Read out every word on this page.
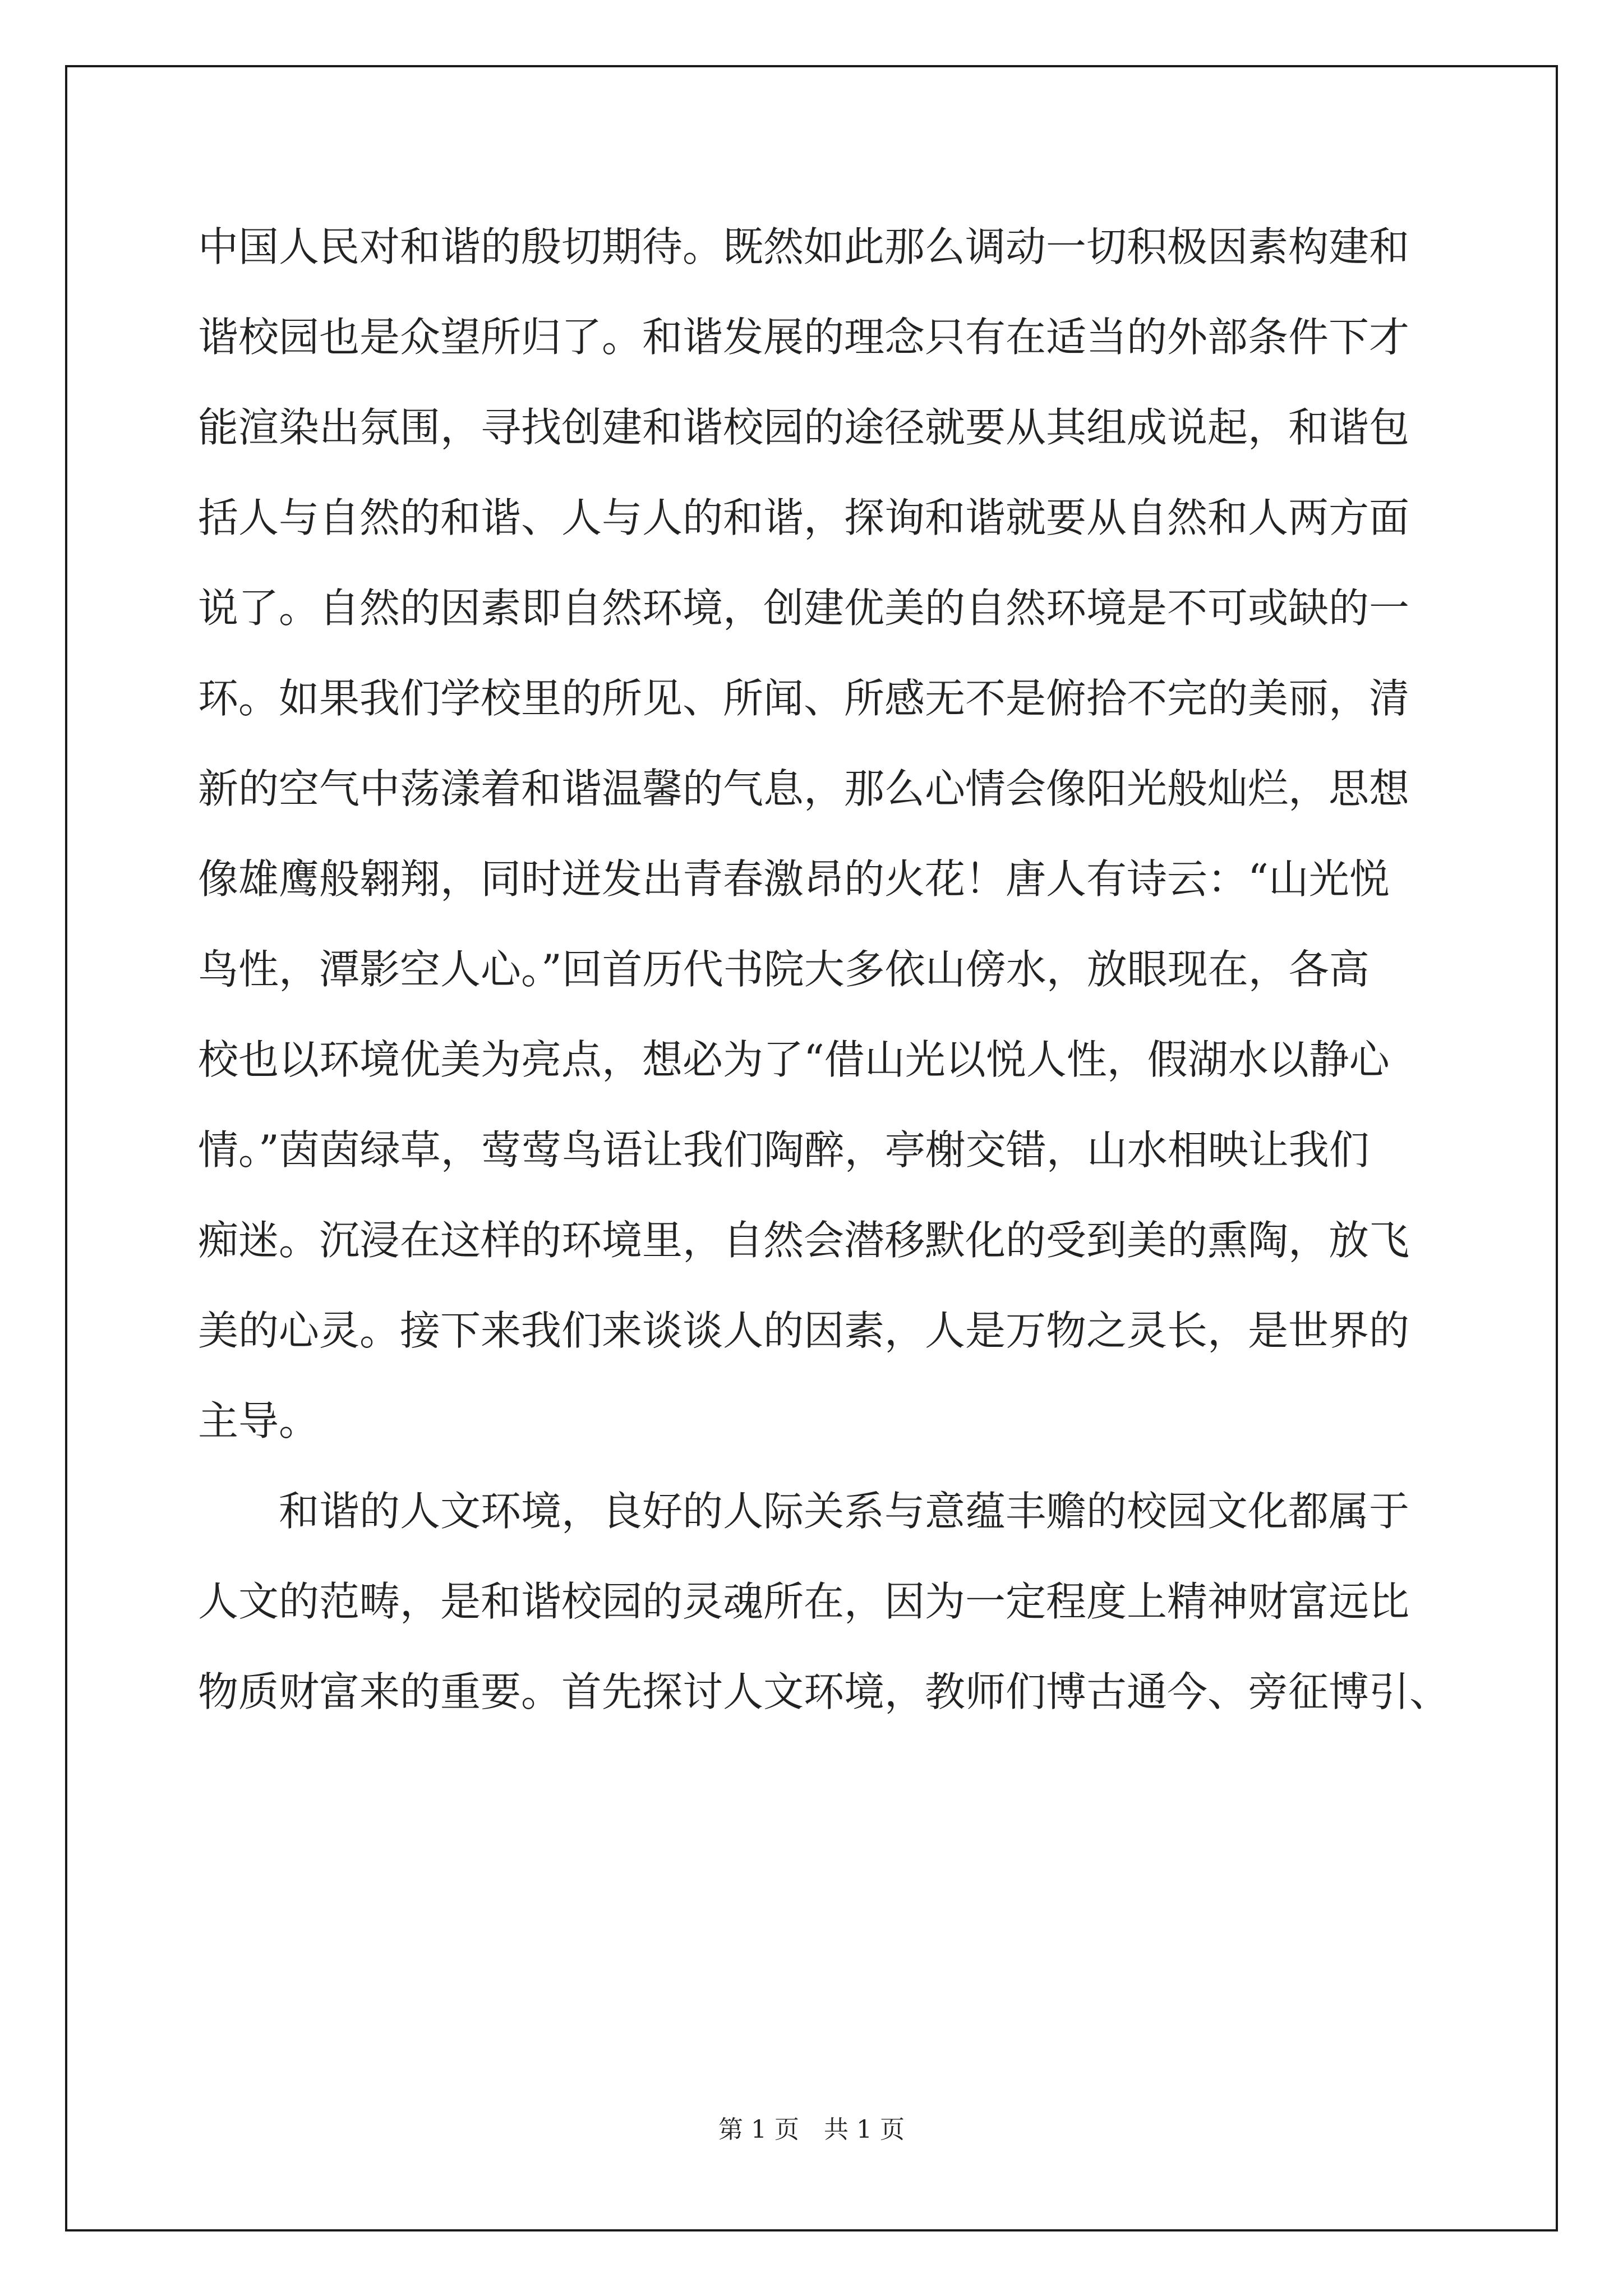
中国人民对和谐的殷切期待。既然如此那么调动一切积极因素构建和
谐校园也是众望所归了。和谐发展的理念只有在适当的外部条件下才
能渲染出氛围，寻找创建和谐校园的途径就要从其组成说起，和谐包
括人与自然的和谐、人与人的和谐，探询和谐就要从自然和人两方面
说了。自然的因素即自然环境，创建优美的自然环境是不可或缺的一
环。如果我们学校里的所见、所闻、所感无不是俯拾不完的美丽，清
新的空气中荡漾着和谐温馨的气息，那么心情会像阳光般灿烂，思想
像雄鹰般翱翔，同时迸发出青春激昂的火花！唐人有诗云：“山光悦
鸟性，潭影空人心。”回首历代书院大多依山傍水，放眼现在，各高
校也以环境优美为亮点，想必为了“借山光以悦人性，假湖水以静心
情。”茵茵绿草，莺莺鸟语让我们陶醉，亭榭交错，山水相映让我们
痴迷。沉浸在这样的环境里，自然会潜移默化的受到美的熏陶，放飞
美的心灵。接下来我们来谈谈人的因素，人是万物之灵长，是世界的
主导。
和谐的人文环境，良好的人际关系与意蕴丰赡的校园文化都属于
人文的范畴，是和谐校园的灵魂所在，因为一定程度上精神财富远比
物质财富来的重要。首先探讨人文环境，教师们博古通今、旁征博引、
第 1 页　共 1 页
